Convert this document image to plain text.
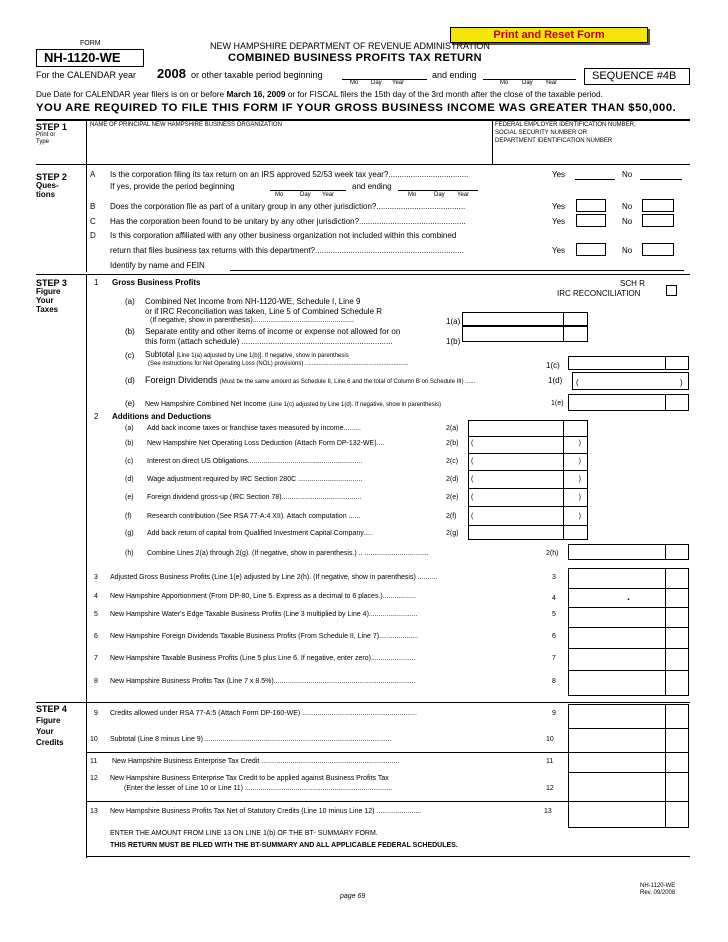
Print and Reset Form
FORM
NH-1120-WE
NEW HAMPSHIRE DEPARTMENT OF REVENUE ADMINISTRATION
COMBINED BUSINESS PROFITS TAX RETURN
For the CALENDAR year 2008 or other taxable period beginning
Mo Day Year
and ending
Mo Day Year
SEQUENCE #4B
Due Date for CALENDAR year filers is on or before March 16, 2009 or for FISCAL filers the 15th day of the 3rd month after the close of the taxable period.
YOU ARE REQUIRED TO FILE THIS FORM IF YOUR GROSS BUSINESS INCOME WAS GREATER THAN $50,000.
STEP 1
Print or
Type
NAME OF PRINCIPAL NEW HAMPSHIRE BUSINESS ORGANIZATION	FEDERAL EMPLOYER IDENTIFICATION NUMBER,
SOCIAL SECURITY NUMBER OR
DEPARTMENT IDENTIFICATION NUMBER
STEP 2
Ques-
tions
A Is the corporation filing its tax return on an IRS approved 52/53 week tax year?....................................	Yes	No
If yes, provide the period beginning
Mo	Day Year
and ending
Mo	Day Year
B Does the corporation file as part of a unitary group in any other jurisdiction?........................................	Yes	No
C Has the corporation been found to be unitary by any other jurisdiction?................................................	Yes	No
D Is this corporation affiliated with any other business organization not included within this combined
return that files business tax returns with this department?...................................................................	Yes	No
Identify by name and FEIN
STEP 3
Figure
Your
Taxes
1 Gross Business Profits	SCH R
IRC RECONCILIATION
(a) Combined Net Income from NH-1120-WE, Schedule I, Line 9
or if IRC Reconciliation was taken, Line 5 of Combined Schedule R
(If negative, show in parenthesis)....................................................	1(a)
(b) Separate entity and other items of income or expense not allowed for on
this form (attach schedule) ....................................................................	1(b)
(c) Subtotal [Line 1(a) adjusted by Line 1(b)]. If negative, show in parenthesis
(See instructions for Net Operating Loss (NOL) provisions) ..............................................................	1(c)
(d) Foreign Dividends (Must be the same amount as Schedule II, Line 6 and the total of Column B on Schedule III) ......	1(d) (	)
(e) New Hampshire Combined Net Income (Line 1(c) adjusted by Line 1(d). If negative, show in parenthesis)	1(e)
2 Additions and Deductions
(a) Add back income taxes or franchise taxes measured by income.........	2(a)
(b) New Hampshire Net Operating Loss Deduction (Attach Form DP-132-WE)....	2(b) (	)
(c) Interest on direct US Obligations...........................................................	2(c) (	)
(d) Wage adjustment required by IRC Section 280C .................................	2(d) (	)
(e) Foreign dividend gross-up (IRC Section 78).........................................	2(e) (	)
(f) Research contribution (See RSA 77-A:4 XII). Attach computation ......	2(f) (	)
(g) Add back return of capital from Qualified Investment Capital Company.....	2(g)
(h) Combine Lines 2(a) through 2(g). (If negative, show in parenthesis.) .. .................................	2(h)
3 Adjusted Gross Business Profits (Line 1(e) adjusted by Line 2(h). (If negative, show in parenthesis) ..........	3
4 New Hampshire Apportionment (From DP-80, Line 5. Express as a decimal to 6 places.).................	4	.
5 New Hampshire Water's Edge Taxable Business Profits (Line 3 multiplied by Line 4).........................	5
6 New Hampshire Foreign Dividends Taxable Business Profits (From Schedule II, Line 7)....................	6
7 New Hampshire Taxable Business Profits (Line 5 plus Line 6. If negative, enter zero).......................	7
8 New Hampshire Business Profits Tax (Line 7 x 8.5%).........................................................................	8
STEP 4
Figure
Your
Credits
9 Credits allowed under RSA 77-A:5 (Attach Form DP-160-WE) ...........................................................	9
10 Subtotal (Line 8 minus Line 9).................................................................................................	10
11 New Hampshire Business Enterprise Tax Credit .......................................................................	11
12 New Hampshire Business Enterprise Tax Credit to be applied against Business Profits Tax
(Enter the lesser of Line 10 or Line 11) ............................................................................	12
13 New Hampshire Business Profits Tax Net of Statutory Credits (Line 10 minus Line 12) .......................	13
ENTER THE AMOUNT FROM LINE 13 ON LINE 1(b) OF THE BT- SUMMARY FORM.
THIS RETURN MUST BE FILED WITH THE BT-SUMMARY AND ALL APPLICABLE FEDERAL SCHEDULES.
page 69
NH-1120-WE
Rev. 09/2008
